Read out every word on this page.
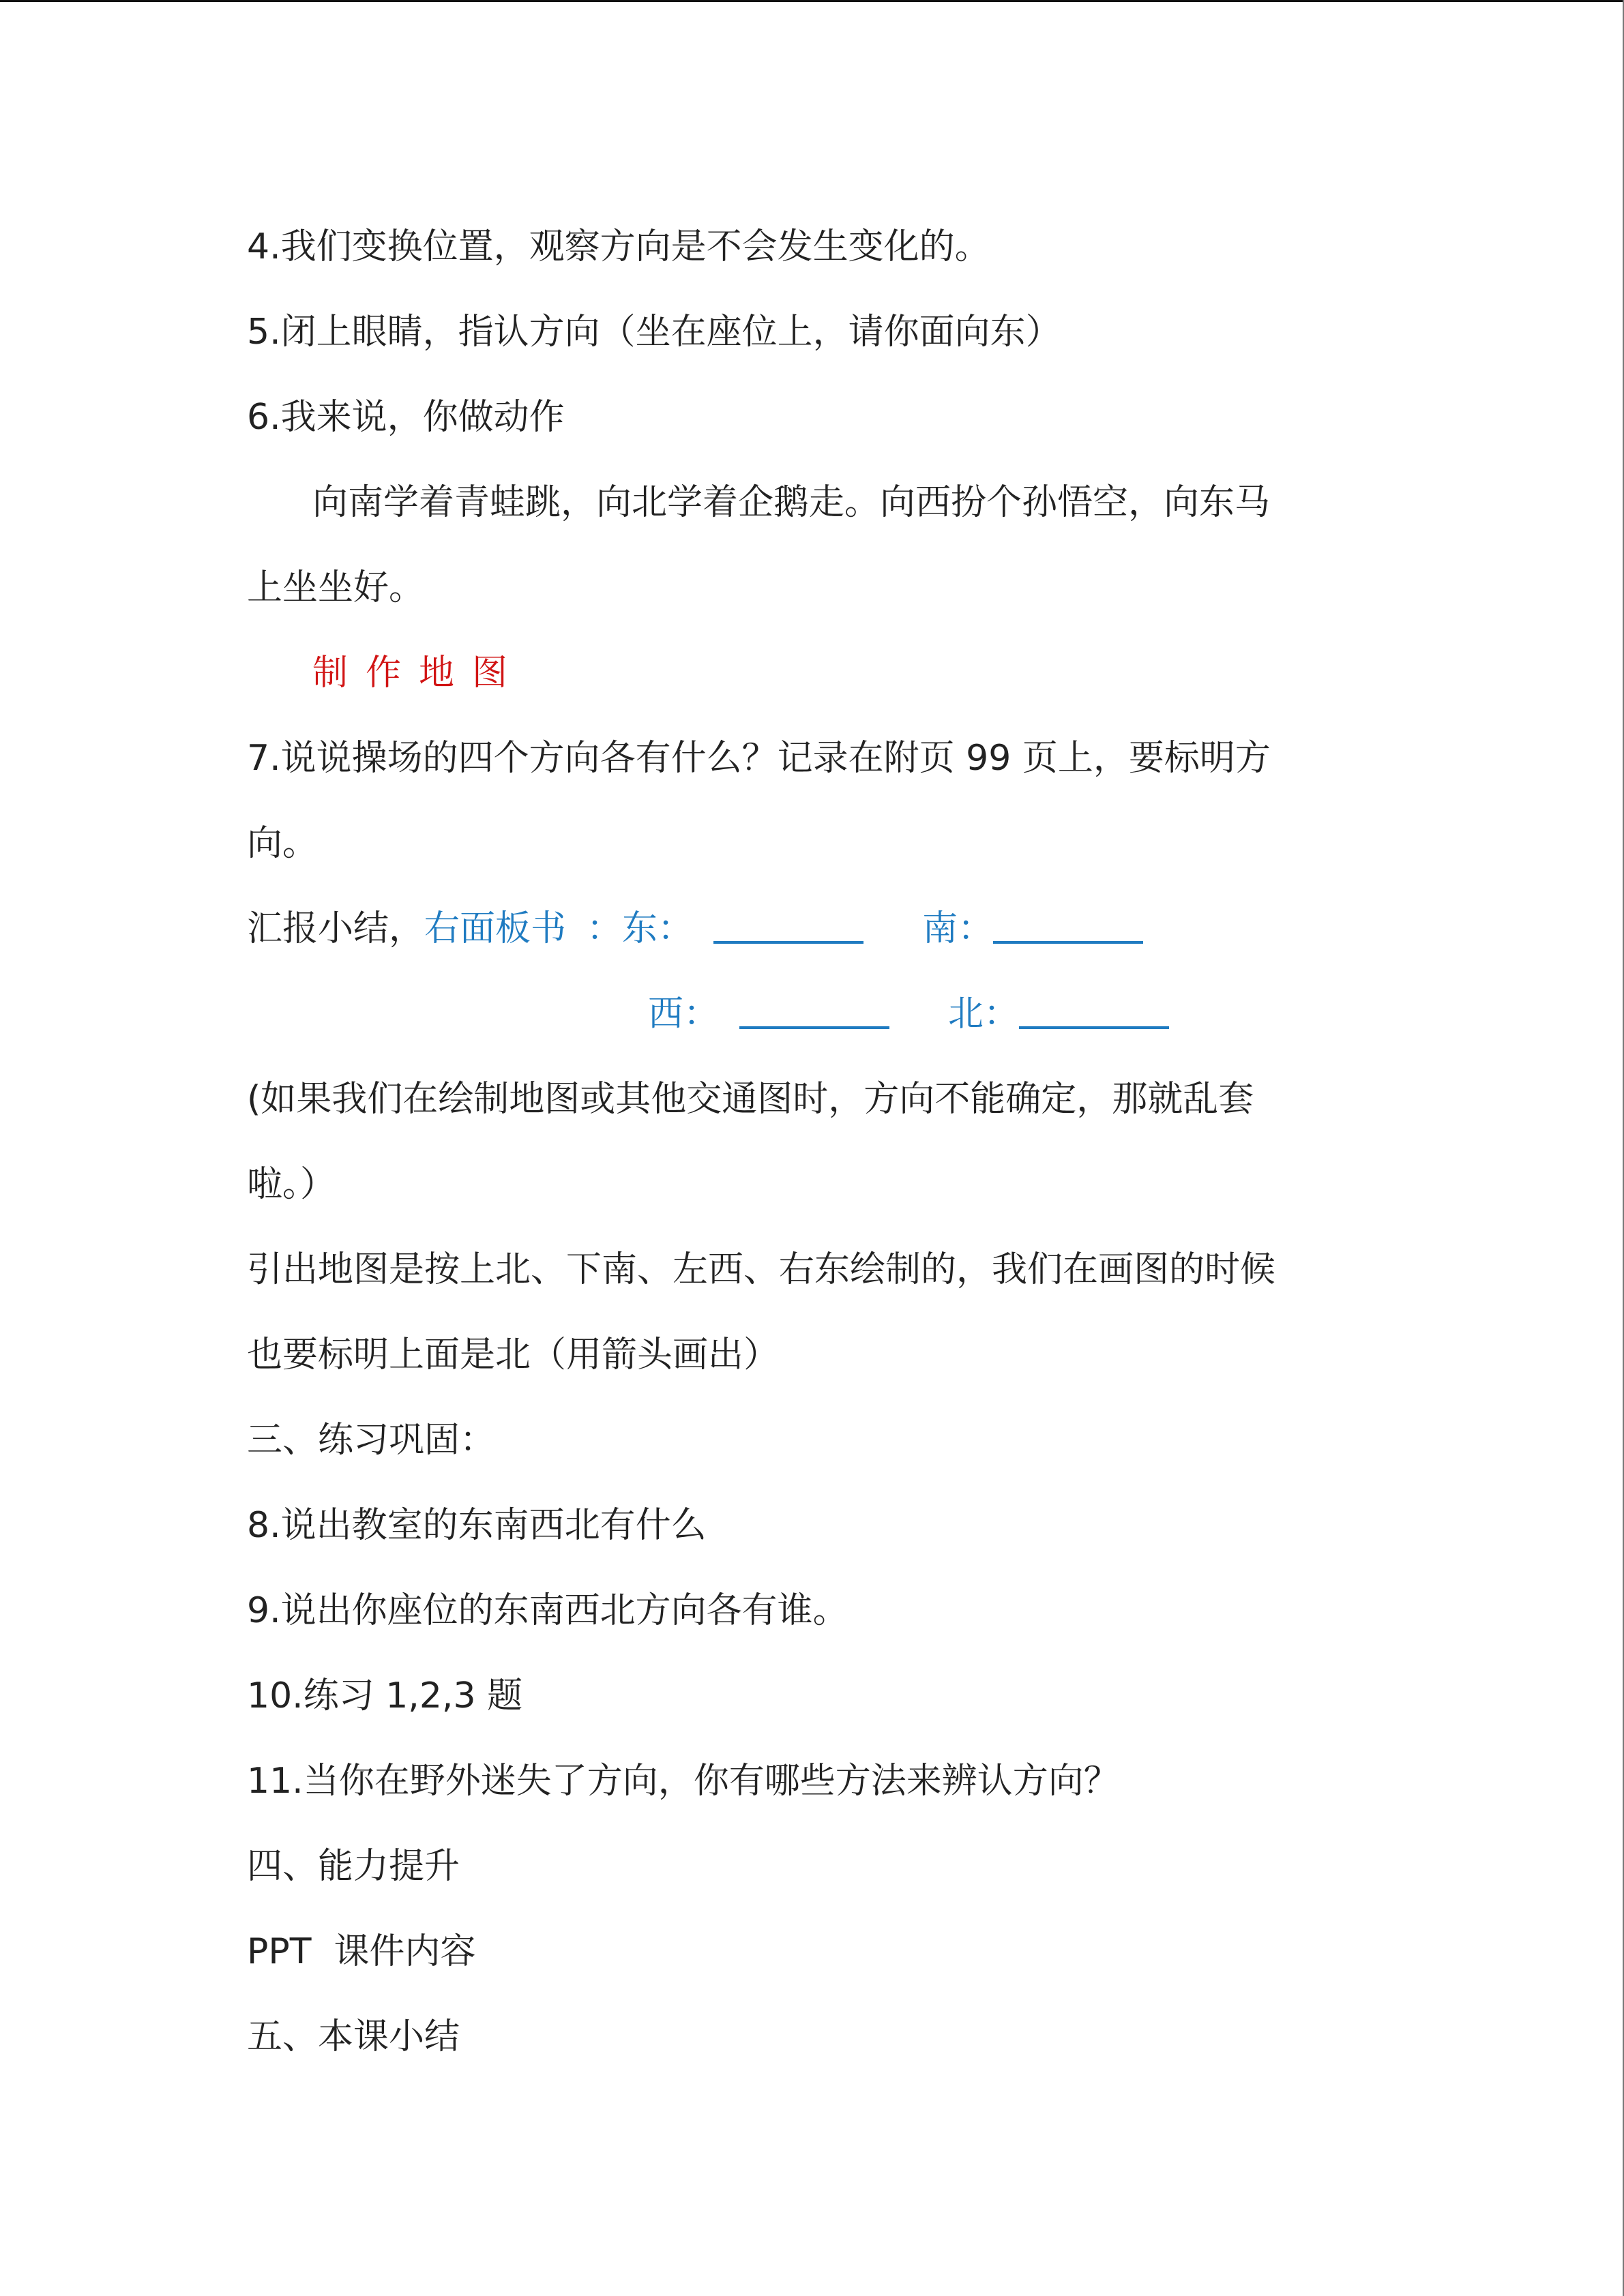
4.我们变换位置，观察方向是不会发生变化的。
5.闭上眼睛，指认方向（坐在座位上，请你面向东）
6.我来说，你做动作
向南学着青蛙跳，向北学着企鹅走。向西扮个孙悟空，向东马
上坐坐好。
制作地图
7.说说操场的四个方向各有什么？记录在附页 99 页上，要标明方
向。
汇报小结，右面板书 ：东：	南：
西：	北：
(如果我们在绘制地图或其他交通图时，方向不能确定，那就乱套
啦。）
引出地图是按上北、下南、左西、右东绘制的，我们在画图的时候
也要标明上面是北（用箭头画出）
三、练习巩固：
8.说出教室的东南西北有什么
9.说出你座位的东南西北方向各有谁。
10.练习 1,2,3 题
11.当你在野外迷失了方向，你有哪些方法来辨认方向？
四、能力提升
PPT  课件内容
五、本课小结
